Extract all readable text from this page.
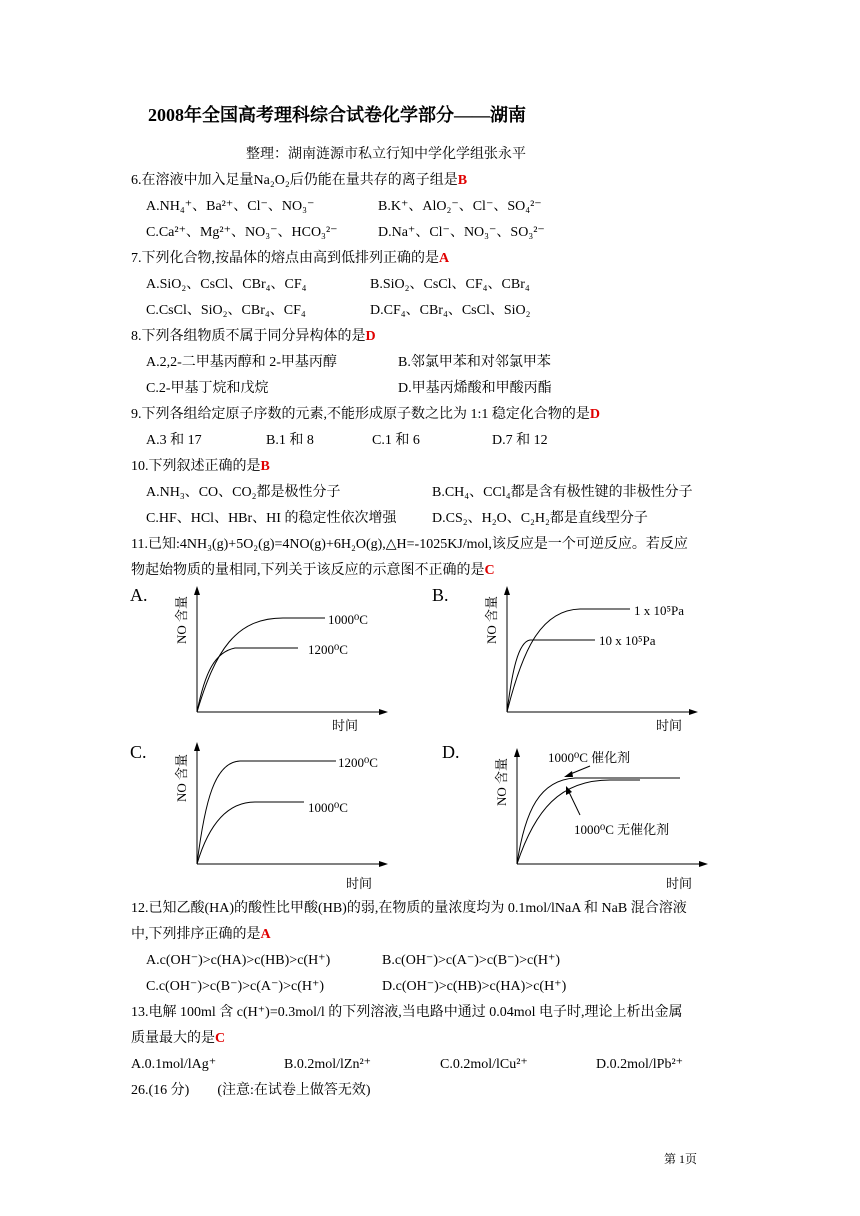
2008年全国高考理科综合试卷化学部分——湖南
整理：湖南涟源市私立行知中学化学组张永平
6.在溶液中加入足量Na₂O₂后仍能在量共存的离子组是B
A.NH₄⁺、Ba²⁺、Cl⁻、NO₃⁻	B.K⁺、AlO₂⁻、Cl⁻、SO₄²⁻
C.Ca²⁺、Mg²⁺、NO₃⁻、HCO₃²⁻	D.Na⁺、Cl⁻、NO₃⁻、SO₃²⁻
7.下列化合物,按晶体的熔点由高到低排列正确的是A
A.SiO₂、CsCl、CBr₄、CF₄	B.SiO₂、CsCl、CF₄、CBr₄
C.CsCl、SiO₂、CBr₄、CF₄	D.CF₄、CBr₄、CsCl、SiO₂
8.下列各组物质不属于同分异构体的是D
A.2,2-二甲基丙醇和 2-甲基丙醇	B.邻氯甲苯和对邻氯甲苯
C.2-甲基丁烷和戊烷	D.甲基丙烯酸和甲酸丙酯
9.下列各组给定原子序数的元素,不能形成原子数之比为 1:1 稳定化合物的是D
A.3 和 17	B.1 和 8	C.1 和 6	D.7 和 12
10.下列叙述正确的是B
A.NH₃、CO、CO₂都是极性分子	B.CH₄、CCl₄都是含有极性键的非极性分子
C.HF、HCl、HBr、HI 的稳定性依次增强	D.CS₂、H₂O、C₂H₂都是直线型分子
11.已知:4NH₃(g)+5O₂(g)=4NO(g)+6H₂O(g),△H=-1025KJ/mol,该反应是一个可逆反应。若反应
物起始物质的量相同,下列关于该反应的示意图不正确的是C
A.
NO 含量	1000⁰C
1200⁰C
时间
B.
NO 含量	1 x 10⁵Pa
10 x 10⁵Pa
时间
C.
NO 含量	1200⁰C
1000⁰C
时间
D.
NO 含量
1000⁰C 催化剂
1000⁰C 无催化剂
时间
12.已知乙酸(HA)的酸性比甲酸(HB)的弱,在物质的量浓度均为 0.1mol/lNaA 和 NaB 混合溶液
中,下列排序正确的是A
A.c(OH⁻)>c(HA)>c(HB)>c(H⁺)	B.c(OH⁻)>c(A⁻)>c(B⁻)>c(H⁺)
C.c(OH⁻)>c(B⁻)>c(A⁻)>c(H⁺)	D.c(OH⁻)>c(HB)>c(HA)>c(H⁺)
13.电解 100ml 含 c(H⁺)=0.3mol/l 的下列溶液,当电路中通过 0.04mol 电子时,理论上析出金属
质量最大的是C
A.0.1mol/lAg⁺	B.0.2mol/lZn²⁺	C.0.2mol/lCu²⁺	D.0.2mol/lPb²⁺
26.(16 分)　　(注意:在试卷上做答无效)
第 1页
